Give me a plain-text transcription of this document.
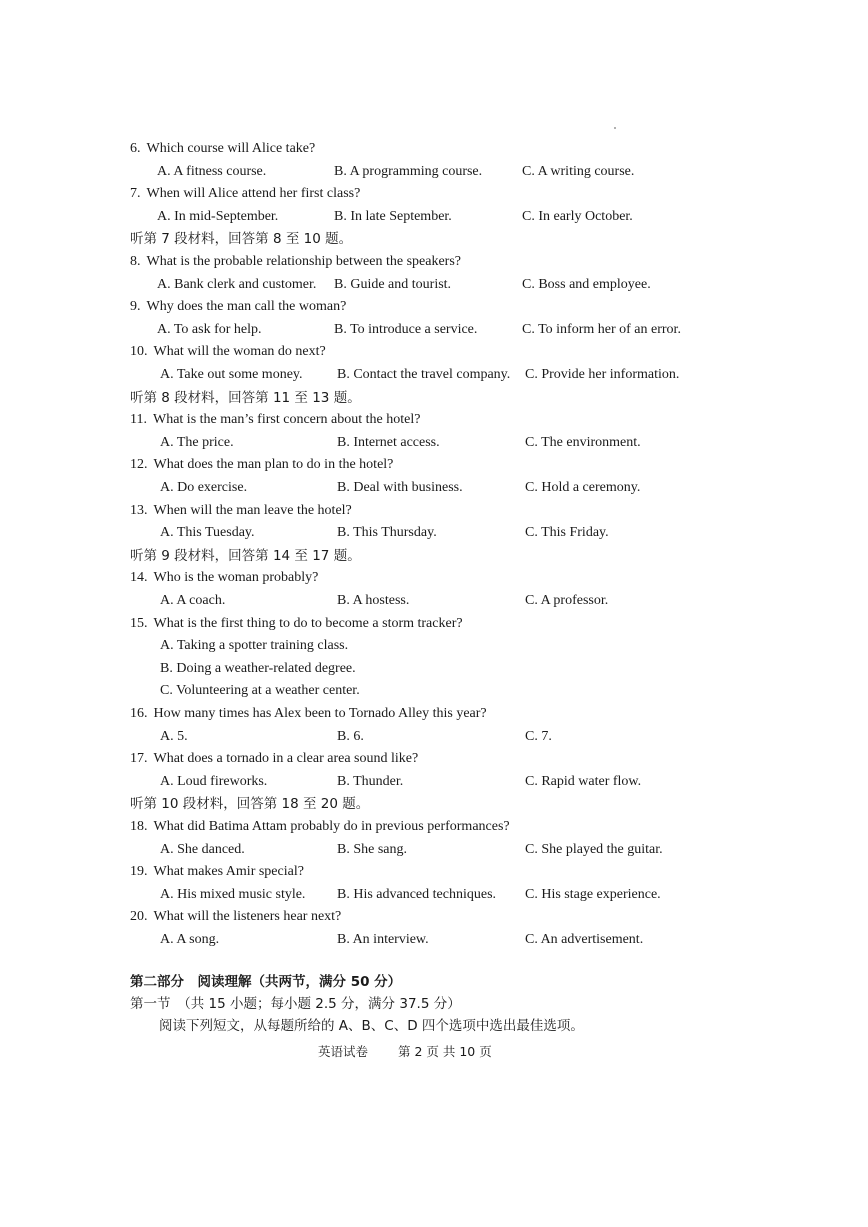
6. Which course will Alice take?
A. A fitness course.	B. A programming course.	C. A writing course.
7. When will Alice attend her first class?
A. In mid-September.	B. In late September.	C. In early October.
听第 7 段材料，回答第 8 至 10 题。
8. What is the probable relationship between the speakers?
A. Bank clerk and customer. B. Guide and tourist.	C. Boss and employee.
9. Why does the man call the woman?
A. To ask for help.	B. To introduce a service.	C. To inform her of an error.
10. What will the woman do next?
A. Take out some money. B. Contact the travel company. C. Provide her information.
听第 8 段材料，回答第 11 至 13 题。
11. What is the man’s first concern about the hotel?
A. The price.	B. Internet access.	C. The environment.
12. What does the man plan to do in the hotel?
A. Do exercise.	B. Deal with business.	C. Hold a ceremony.
13. When will the man leave the hotel?
A. This Tuesday.	B. This Thursday.	C. This Friday.
听第 9 段材料，回答第 14 至 17 题。
14. Who is the woman probably?
A. A coach.	B. A hostess.	C. A professor.
15. What is the first thing to do to become a storm tracker?
A. Taking a spotter training class.
B. Doing a weather-related degree.
C. Volunteering at a weather center.
16. How many times has Alex been to Tornado Alley this year?
A. 5.	B. 6.	C. 7.
17. What does a tornado in a clear area sound like?
A. Loud fireworks.	B. Thunder.	C. Rapid water flow.
听第 10 段材料，回答第 18 至 20 题。
18. What did Batima Attam probably do in previous performances?
A. She danced.	B. She sang.	C. She played the guitar.
19. What makes Amir special?
A. His mixed music style. B. His advanced techniques. C. His stage experience.
20. What will the listeners hear next?
A. A song.	B. An interview.	C. An advertisement.
第二部分　阅读理解（共两节，满分 50 分）
第一节　（共 15 小题；每小题 2.5 分，满分 37.5 分）
阅读下列短文，从每题所给的 A、B、C、D 四个选项中选出最佳选项。
英语试卷 第 2 页 共 10 页
